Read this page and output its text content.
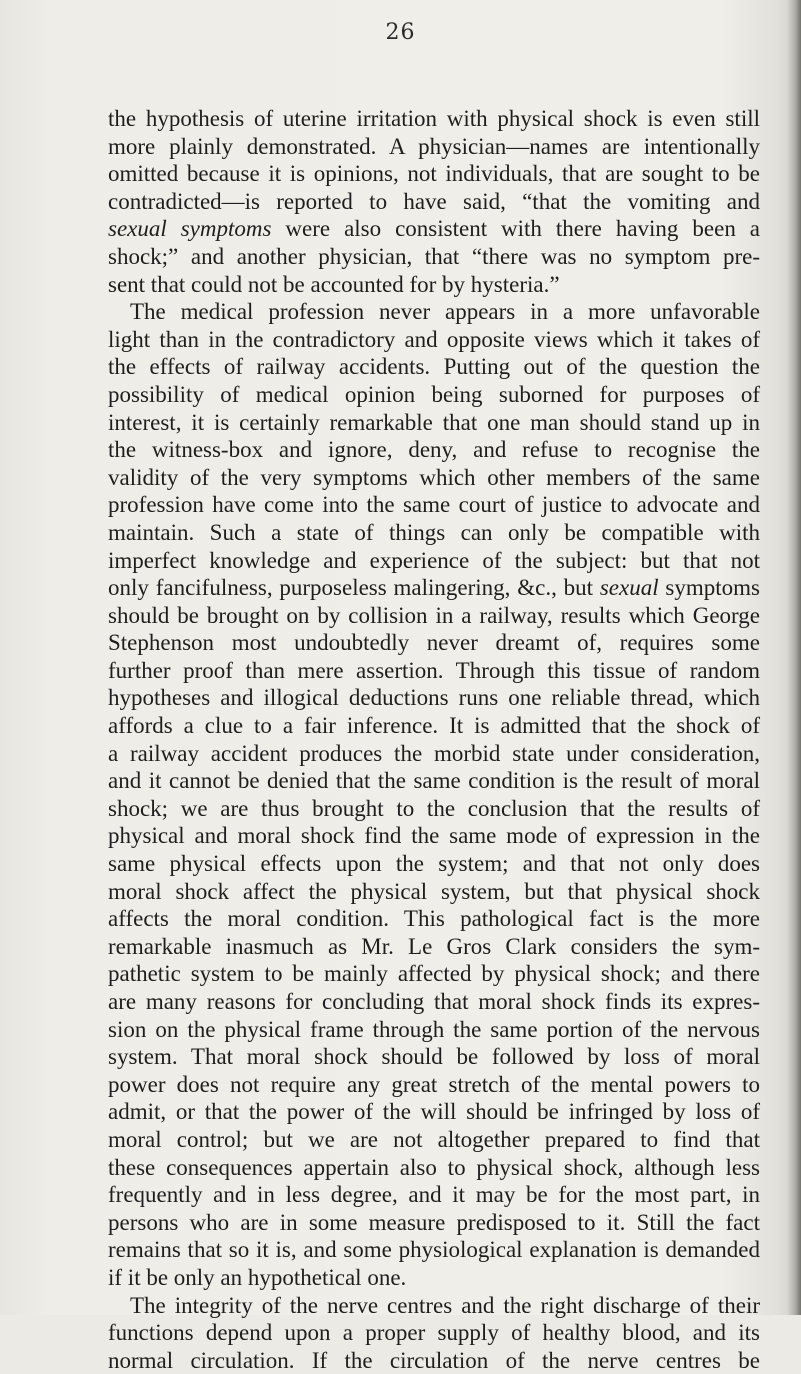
26
the hypothesis of uterine irritation with physical shock is even still
more plainly demonstrated. A physician—names are intentionally
omitted because it is opinions, not individuals, that are sought to be
contradicted—is reported to have said, “that the vomiting and
sexual symptoms were also consistent with there having been a
shock;” and another physician, that “there was no symptom pre-
sent that could not be accounted for by hysteria.”
The medical profession never appears in a more unfavorable
light than in the contradictory and opposite views which it takes of
the effects of railway accidents. Putting out of the question the
possibility of medical opinion being suborned for purposes of
interest, it is certainly remarkable that one man should stand up in
the witness-box and ignore, deny, and refuse to recognise the
validity of the very symptoms which other members of the same
profession have come into the same court of justice to advocate and
maintain. Such a state of things can only be compatible with
imperfect knowledge and experience of the subject: but that not
only fancifulness, purposeless malingering, &c., but sexual symptoms
should be brought on by collision in a railway, results which George
Stephenson most undoubtedly never dreamt of, requires some
further proof than mere assertion. Through this tissue of random
hypotheses and illogical deductions runs one reliable thread, which
affords a clue to a fair inference. It is admitted that the shock of
a railway accident produces the morbid state under consideration,
and it cannot be denied that the same condition is the result of moral
shock; we are thus brought to the conclusion that the results of
physical and moral shock find the same mode of expression in the
same physical effects upon the system; and that not only does
moral shock affect the physical system, but that physical shock
affects the moral condition. This pathological fact is the more
remarkable inasmuch as Mr. Le Gros Clark considers the sym-
pathetic system to be mainly affected by physical shock; and there
are many reasons for concluding that moral shock finds its expres-
sion on the physical frame through the same portion of the nervous
system. That moral shock should be followed by loss of moral
power does not require any great stretch of the mental powers to
admit, or that the power of the will should be infringed by loss of
moral control; but we are not altogether prepared to find that
these consequences appertain also to physical shock, although less
frequently and in less degree, and it may be for the most part, in
persons who are in some measure predisposed to it. Still the fact
remains that so it is, and some physiological explanation is demanded
if it be only an hypothetical one.
The integrity of the nerve centres and the right discharge of their
functions depend upon a proper supply of healthy blood, and its
normal circulation. If the circulation of the nerve centres be
